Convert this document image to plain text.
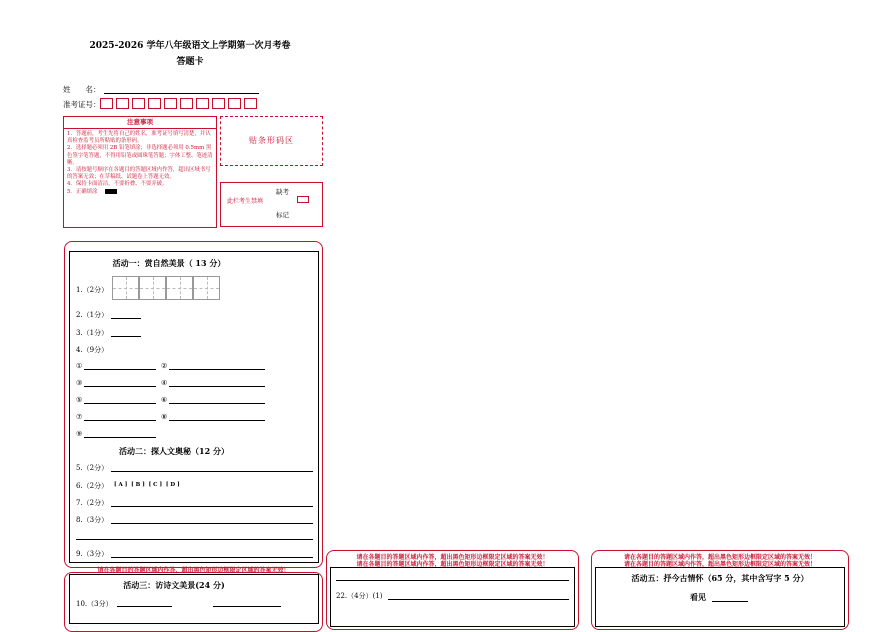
2025-2026 学年八年级语文上学期第一次月考卷
答题卡
姓　　名：
准考证号：
注意事项
1．答题前，考生先将自己的姓名，准考证号填写清楚，并认真检查监考员所粘贴的条形码。
2．选择题必须用 2B 铅笔填涂；非选择题必须用 0.5mm 黑色签字笔答题，不得用铅笔或圆珠笔答题；字体工整、笔迹清晰。
3．请按题号顺序在各题目的答题区域内作答，超出区域书写的答案无效；在草稿纸、试题卷上答题无效。
4．保持卡面清洁，不要折叠、不要弄破。
5．正确填涂
贴条形码区
此栏考生禁填
缺考
标记
活动一：赏自然美景（ 13 分）
1.（2分）
2.（1分）
3.（1分）
4.（9分）
①	②
③	④
⑤	⑥
⑦	⑧
⑨
活动二：探人文奥秘（12 分）
5.（2分）
6.（2分） [ A ]  [ B ]  [ C ]  [ D ]
7.（2分）
8.（3分）
9.（3分）
请在各题目的答题区域内作答，超出黑色矩形边框限定区域的答案无效！
活动三：访诗文美景(24 分)
10.（3分）
请在各题目的答题区域内作答，超出黑色矩形边框限定区域的答案无效！
请在各题目的答题区域内作答，超出黑色矩形边框限定区域的答案无效！
22.（4分）(1)
请在各题目的答题区域内作答，超出黑色矩形边框限定区域的答案无效！
请在各题目的答题区域内作答，超出黑色矩形边框限定区域的答案无效！
活动五：抒今古情怀（65 分，其中含写字 5 分）
看见
